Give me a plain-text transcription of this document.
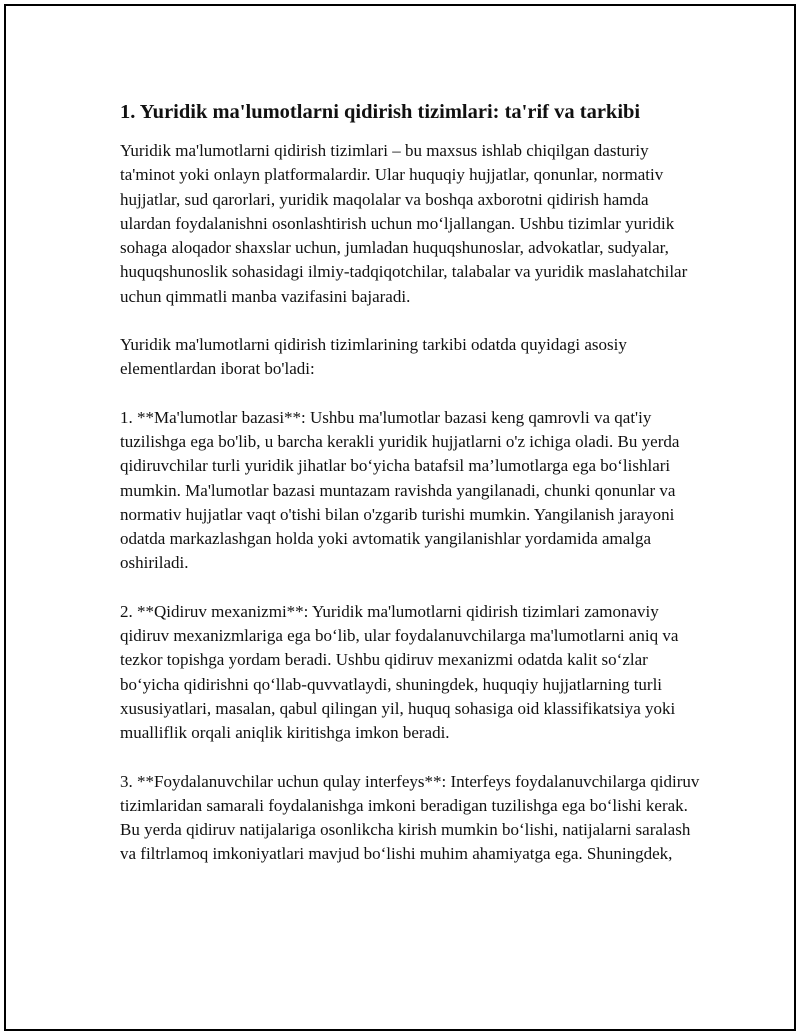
1. Yuridik ma'lumotlarni qidirish tizimlari: ta'rif va tarkibi

Yuridik ma'lumotlarni qidirish tizimlari – bu maxsus ishlab chiqilgan dasturiy ta'minot yoki onlayn platformalardir. Ular huquqiy hujjatlar, qonunlar, normativ hujjatlar, sud qarorlari, yuridik maqolalar va boshqa axborotni qidirish hamda ulardan foydalanishni osonlashtirish uchun mo‘ljallangan. Ushbu tizimlar yuridik sohaga aloqador shaxslar uchun, jumladan huquqshunoslar, advokatlar, sudyalar, huquqshunoslik sohasidagi ilmiy-tadqiqotchilar, talabalar va yuridik maslahatchilar uchun qimmatli manba vazifasini bajaradi.

Yuridik ma'lumotlarni qidirish tizimlarining tarkibi odatda quyidagi asosiy elementlardan iborat bo'ladi:

1. **Ma'lumotlar bazasi**: Ushbu ma'lumotlar bazasi keng qamrovli va qat'iy tuzilishga ega bo'lib, u barcha kerakli yuridik hujjatlarni o'z ichiga oladi. Bu yerda qidiruvchilar turli yuridik jihatlar bo‘yicha batafsil ma’lumotlarga ega bo‘lishlari mumkin. Ma'lumotlar bazasi muntazam ravishda yangilanadi, chunki qonunlar va normativ hujjatlar vaqt o'tishi bilan o'zgarib turishi mumkin. Yangilanish jarayoni odatda markazlashgan holda yoki avtomatik yangilanishlar yordamida amalga oshiriladi.

2. **Qidiruv mexanizmi**: Yuridik ma'lumotlarni qidirish tizimlari zamonaviy qidiruv mexanizmlariga ega bo‘lib, ular foydalanuvchilarga ma'lumotlarni aniq va tezkor topishga yordam beradi. Ushbu qidiruv mexanizmi odatda kalit so‘zlar bo‘yicha qidirishni qo‘llab-quvvatlaydi, shuningdek, huquqiy hujjatlarning turli xususiyatlari, masalan, qabul qilingan yil, huquq sohasiga oid klassifikatsiya yoki mualliflik orqali aniqlik kiritishga imkon beradi.

3. **Foydalanuvchilar uchun qulay interfeys**: Interfeys foydalanuvchilarga qidiruv tizimlaridan samarali foydalanishga imkoni beradigan tuzilishga ega bo‘lishi kerak. Bu yerda qidiruv natijalariga osonlikcha kirish mumkin bo‘lishi, natijalarni saralash va filtrlamoq imkoniyatlari mavjud bo‘lishi muhim ahamiyatga ega. Shuningdek,
